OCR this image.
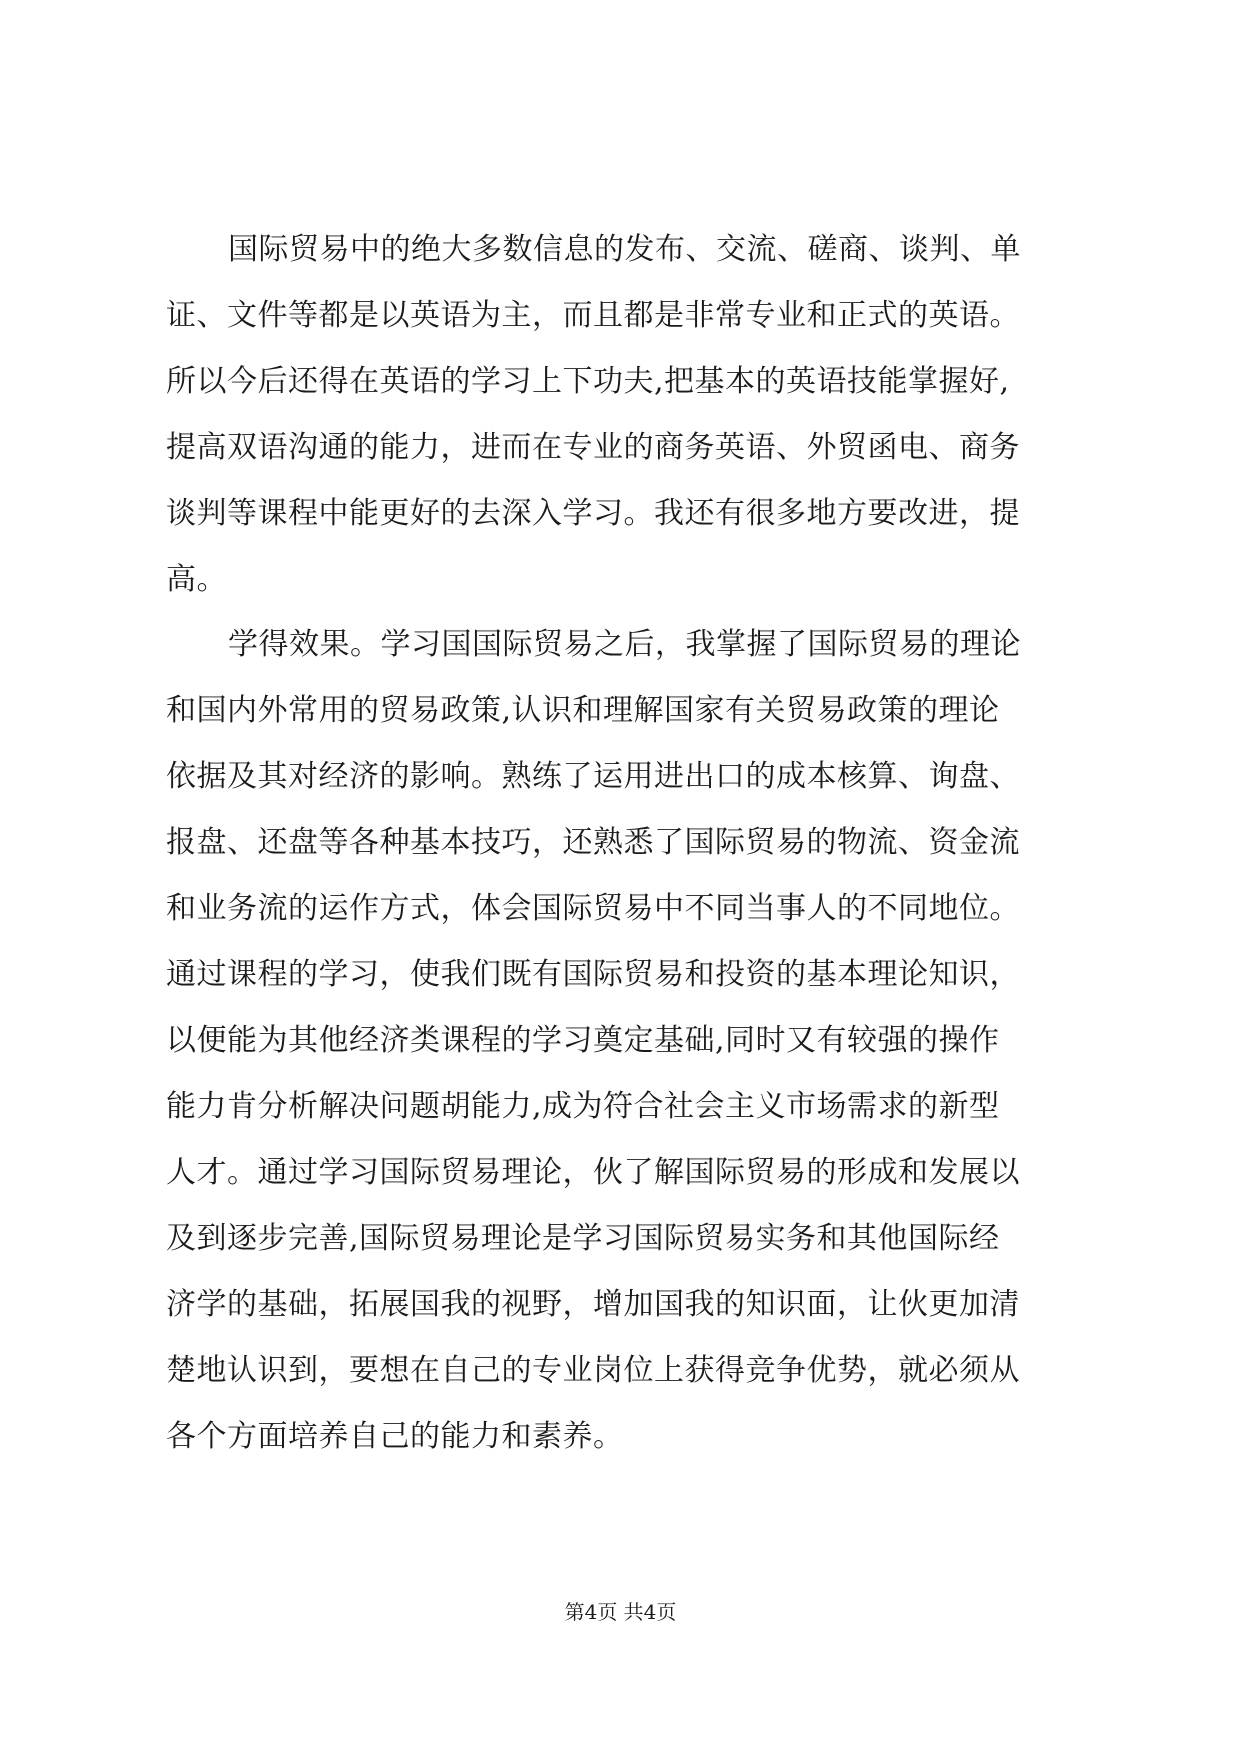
国际贸易中的绝大多数信息的发布、交流、磋商、谈判、单
证、文件等都是以英语为主，而且都是非常专业和正式的英语。
所以今后还得在英语的学习上下功夫,把基本的英语技能掌握好,
提高双语沟通的能力，进而在专业的商务英语、外贸函电、商务
谈判等课程中能更好的去深入学习。我还有很多地方要改进，提
高。
学得效果。学习国国际贸易之后，我掌握了国际贸易的理论
和国内外常用的贸易政策,认识和理解国家有关贸易政策的理论
依据及其对经济的影响。熟练了运用进出口的成本核算、询盘、
报盘、还盘等各种基本技巧，还熟悉了国际贸易的物流、资金流
和业务流的运作方式，体会国际贸易中不同当事人的不同地位。
通过课程的学习，使我们既有国际贸易和投资的基本理论知识，
以便能为其他经济类课程的学习奠定基础,同时又有较强的操作
能力肯分析解决问题胡能力,成为符合社会主义市场需求的新型
人才。通过学习国际贸易理论，伙了解国际贸易的形成和发展以
及到逐步完善,国际贸易理论是学习国际贸易实务和其他国际经
济学的基础，拓展国我的视野，增加国我的知识面，让伙更加清
楚地认识到，要想在自己的专业岗位上获得竞争优势，就必须从
各个方面培养自己的能力和素养。
第4页 共4页
